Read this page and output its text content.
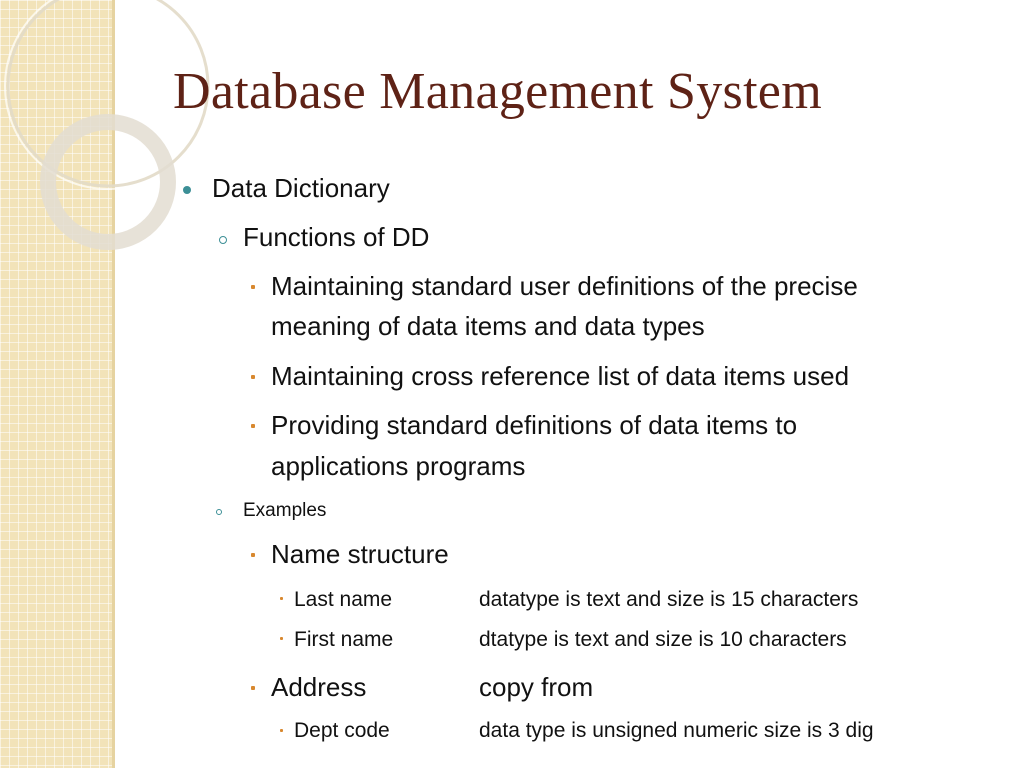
Database Management System
Data Dictionary
Functions of DD
Maintaining standard user definitions of the precise
meaning of data items and data types
Maintaining cross reference list of data items used
Providing standard definitions of data items to
applications programs
Examples
Name structure
Last name	datatype is text and size is 15 characters
First name	dtatype is text and size is 10 characters
Address	copy from
Dept code	data type is unsigned numeric size is 3 dig
